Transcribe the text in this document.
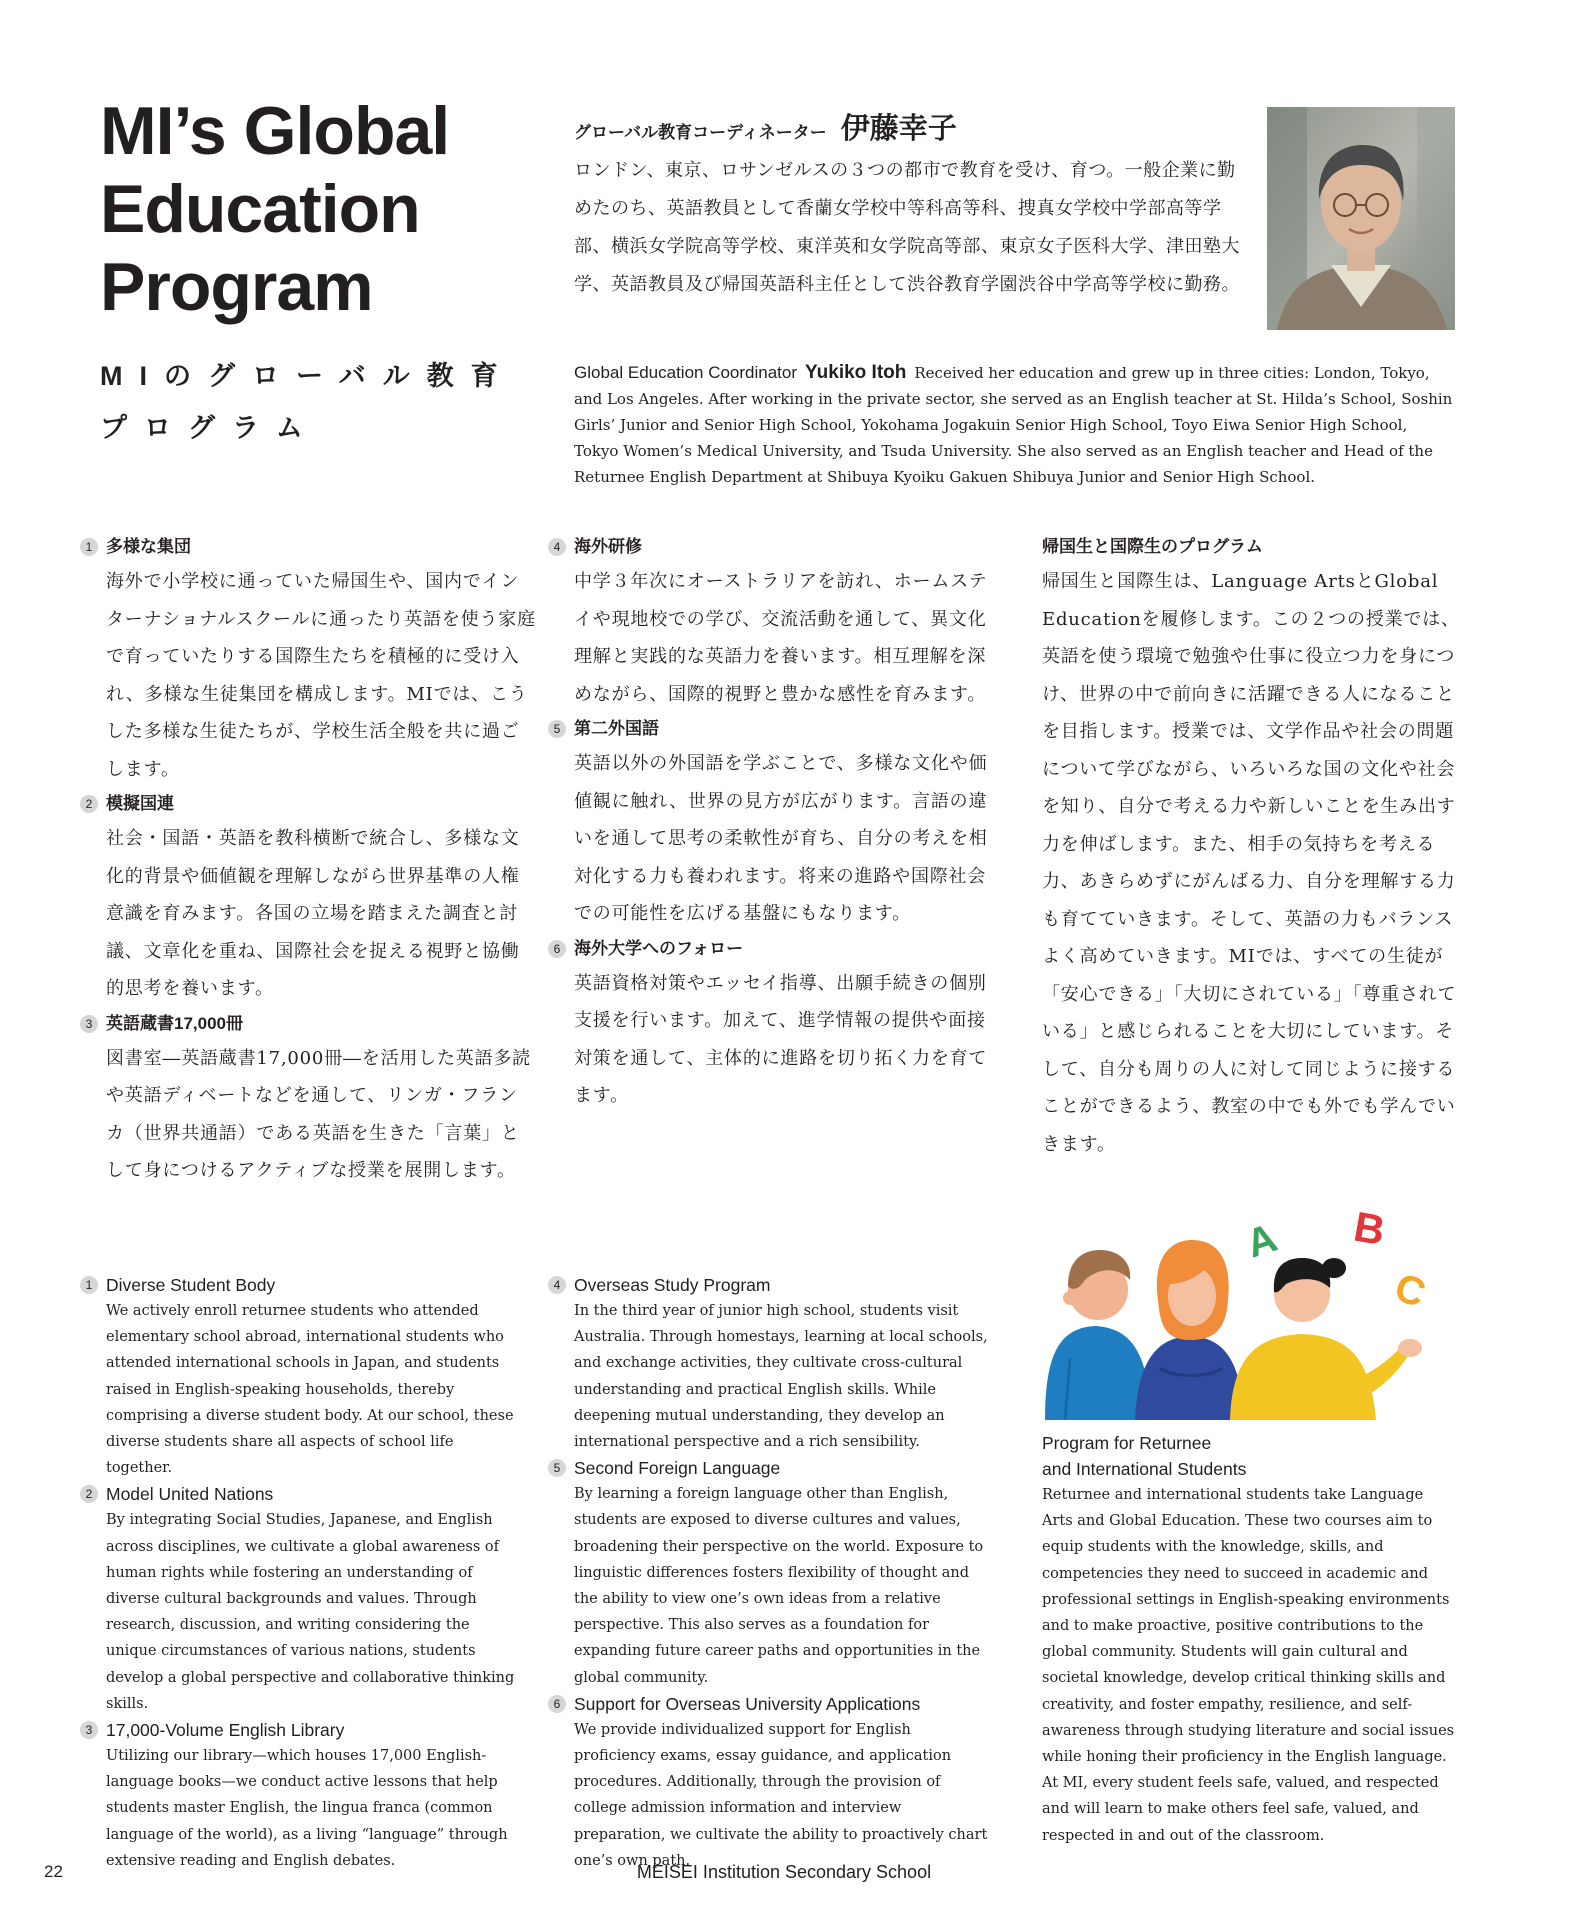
MI’s Global
Education
Program
MIのグローバル教育
プログラム
グローバル教育コーディネーター 伊藤幸子
ロンドン、東京、ロサンゼルスの３つの都市で教育を受け、育つ。一般企業に勤めたのち、英語教員として香蘭女学校中等科高等科、捜真女学校中学部高等学部、横浜女学院高等学校、東洋英和女学院高等部、東京女子医科大学、津田塾大学、英語教員及び帰国英語科主任として渋谷教育学園渋谷中学高等学校に勤務。
Global Education Coordinator Yukiko Itoh Received her education and grew up in three cities: London, Tokyo, and Los Angeles. After working in the private sector, she served as an English teacher at St. Hilda’s School, Soshin Girls’ Junior and Senior High School, Yokohama Jogakuin Senior High School, Toyo Eiwa Senior High School, Tokyo Women’s Medical University, and Tsuda University. She also served as an English teacher and Head of the Returnee English Department at Shibuya Kyoiku Gakuen Shibuya Junior and Senior High School.
1 多様な集団
海外で小学校に通っていた帰国生や、国内でインターナショナルスクールに通ったり英語を使う家庭で育っていたりする国際生たちを積極的に受け入れ、多様な生徒集団を構成します。MIでは、こうした多様な生徒たちが、学校生活全般を共に過ごします。
2 模擬国連
社会・国語・英語を教科横断で統合し、多様な文化的背景や価値観を理解しながら世界基準の人権意識を育みます。各国の立場を踏まえた調査と討議、文章化を重ね、国際社会を捉える視野と協働的思考を養います。
3 英語蔵書17,000冊
図書室―英語蔵書17,000冊―を活用した英語多読や英語ディベートなどを通して、リンガ・フランカ（世界共通語）である英語を生きた「言葉」として身につけるアクティブな授業を展開します。
4 海外研修
中学３年次にオーストラリアを訪れ、ホームステイや現地校での学び、交流活動を通して、異文化理解と実践的な英語力を養います。相互理解を深めながら、国際的視野と豊かな感性を育みます。
5 第二外国語
英語以外の外国語を学ぶことで、多様な文化や価値観に触れ、世界の見方が広がります。言語の違いを通して思考の柔軟性が育ち、自分の考えを相対化する力も養われます。将来の進路や国際社会での可能性を広げる基盤にもなります。
6 海外大学へのフォロー
英語資格対策やエッセイ指導、出願手続きの個別支援を行います。加えて、進学情報の提供や面接対策を通して、主体的に進路を切り拓く力を育てます。
帰国生と国際生のプログラム
帰国生と国際生は、Language ArtsとGlobal Educationを履修します。この２つの授業では、英語を使う環境で勉強や仕事に役立つ力を身につけ、世界の中で前向きに活躍できる人になることを目指します。授業では、文学作品や社会の問題について学びながら、いろいろな国の文化や社会を知り、自分で考える力や新しいことを生み出す力を伸ばします。また、相手の気持ちを考える力、あきらめずにがんばる力、自分を理解する力も育てていきます。そして、英語の力もバランスよく高めていきます。MIでは、すべての生徒が「安心できる」「大切にされている」「尊重されている」と感じられることを大切にしています。そして、自分も周りの人に対して同じように接することができるよう、教室の中でも外でも学んでいきます。
A B
C
1 Diverse Student Body
We actively enroll returnee students who attended elementary school abroad, international students who attended international schools in Japan, and students raised in English-speaking households, thereby comprising a diverse student body. At our school, these diverse students share all aspects of school life together.
2 Model United Nations
By integrating Social Studies, Japanese, and English across disciplines, we cultivate a global awareness of human rights while fostering an understanding of diverse cultural backgrounds and values. Through research, discussion, and writing considering the unique circumstances of various nations, students develop a global perspective and collaborative thinking skills.
3 17,000-Volume English Library
Utilizing our library—which houses 17,000 English-language books—we conduct active lessons that help students master English, the lingua franca (common language of the world), as a living “language” through extensive reading and English debates.
4 Overseas Study Program
In the third year of junior high school, students visit Australia. Through homestays, learning at local schools, and exchange activities, they cultivate cross-cultural understanding and practical English skills. While deepening mutual understanding, they develop an international perspective and a rich sensibility.
5 Second Foreign Language
By learning a foreign language other than English, students are exposed to diverse cultures and values, broadening their perspective on the world. Exposure to linguistic differences fosters flexibility of thought and the ability to view one’s own ideas from a relative perspective. This also serves as a foundation for expanding future career paths and opportunities in the global community.
6 Support for Overseas University Applications
We provide individualized support for English proficiency exams, essay guidance, and application procedures. Additionally, through the provision of college admission information and interview preparation, we cultivate the ability to proactively chart one’s own path.
Program for Returnee
and International Students
Returnee and international students take Language Arts and Global Education. These two courses aim to equip students with the knowledge, skills, and competencies they need to succeed in academic and professional settings in English-speaking environments and to make proactive, positive contributions to the global community. Students will gain cultural and societal knowledge, develop critical thinking skills and creativity, and foster empathy, resilience, and self-awareness through studying literature and social issues while honing their proficiency in the English language. At MI, every student feels safe, valued, and respected and will learn to make others feel safe, valued, and respected in and out of the classroom.
22	MEISEI Institution Secondary School
